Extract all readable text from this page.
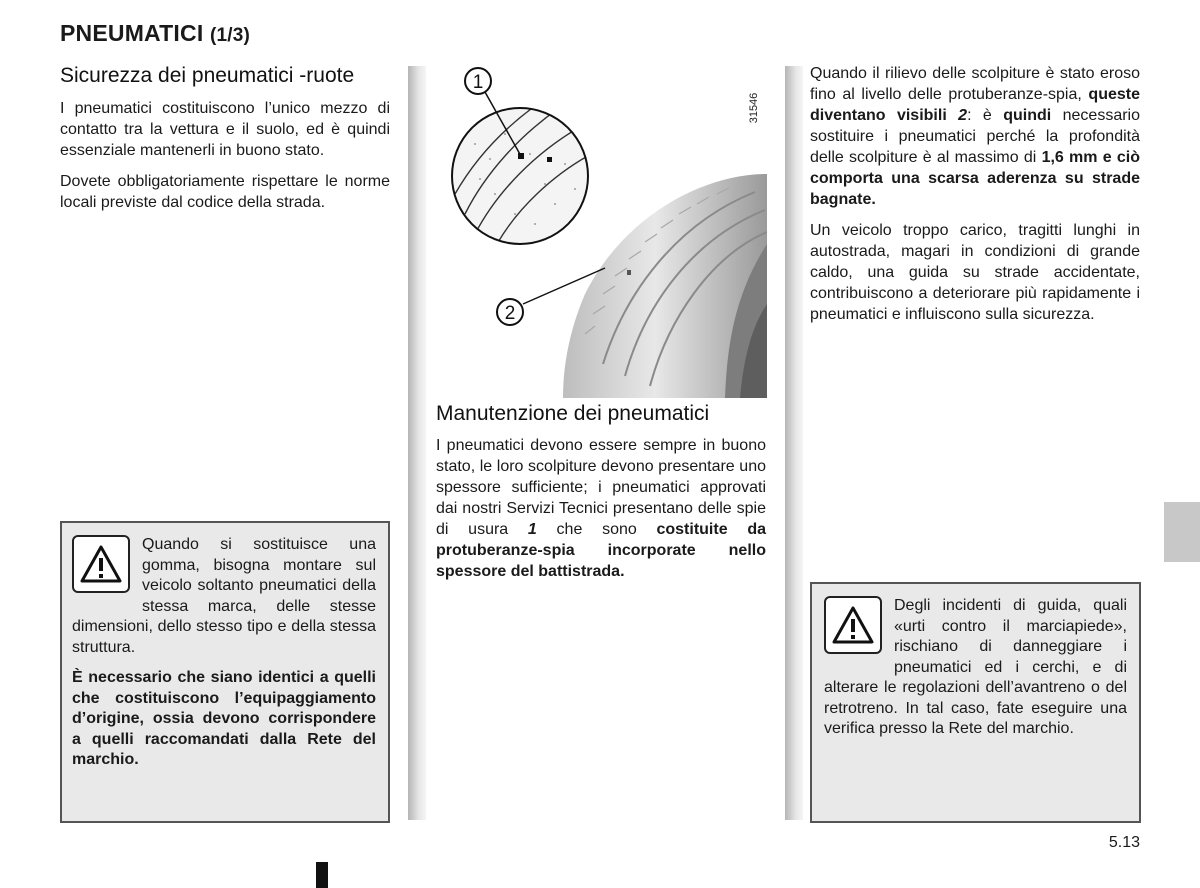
PNEUMATICI (1/3)
Sicurezza dei pneumatici -ruote

I pneumatici costituiscono l’unico mezzo di contatto tra la vettura e il suolo, ed è quindi essenziale mantenerli in buono stato.

Dovete obbligatoriamente rispettare le norme locali previste dal codice della strada.

Quando si sostituisce una gomma, bisogna montare sul veicolo soltanto pneumatici della stessa marca, delle stesse dimensioni, dello stesso tipo e della stessa struttura.

È necessario che siano identici a quelli che costituiscono l’equipaggiamento d’origine, ossia devono corrispondere a quelli raccomandati dalla Rete del marchio.

1
2
31546
Manutenzione dei pneumatici

I pneumatici devono essere sempre in buono stato, le loro scolpiture devono presentare uno spessore sufficiente; i pneumatici approvati dai nostri Servizi Tecnici presentano delle spie di usura 1 che sono costituite da protuberanze-spia incorporate nello spessore del battistrada.

Quando il rilievo delle scolpiture è stato eroso fino al livello delle protuberanze-spia, queste diventano visibili 2: è quindi necessario sostituire i pneumatici perché la profondità delle scolpiture è al massimo di 1,6 mm e ciò comporta una scarsa aderenza su strade bagnate.

Un veicolo troppo carico, tragitti lunghi in autostrada, magari in condizioni di grande caldo, una guida su strade accidentate, contribuiscono a deteriorare più rapidamente i pneumatici e influiscono sulla sicurezza.

Degli incidenti di guida, quali «urti contro il marciapiede», rischiano di danneggiare i pneumatici ed i cerchi, e di alterare le regolazioni dell’avantreno o del retrotreno. In tal caso, fate eseguire una verifica presso la Rete del marchio.

5.13
